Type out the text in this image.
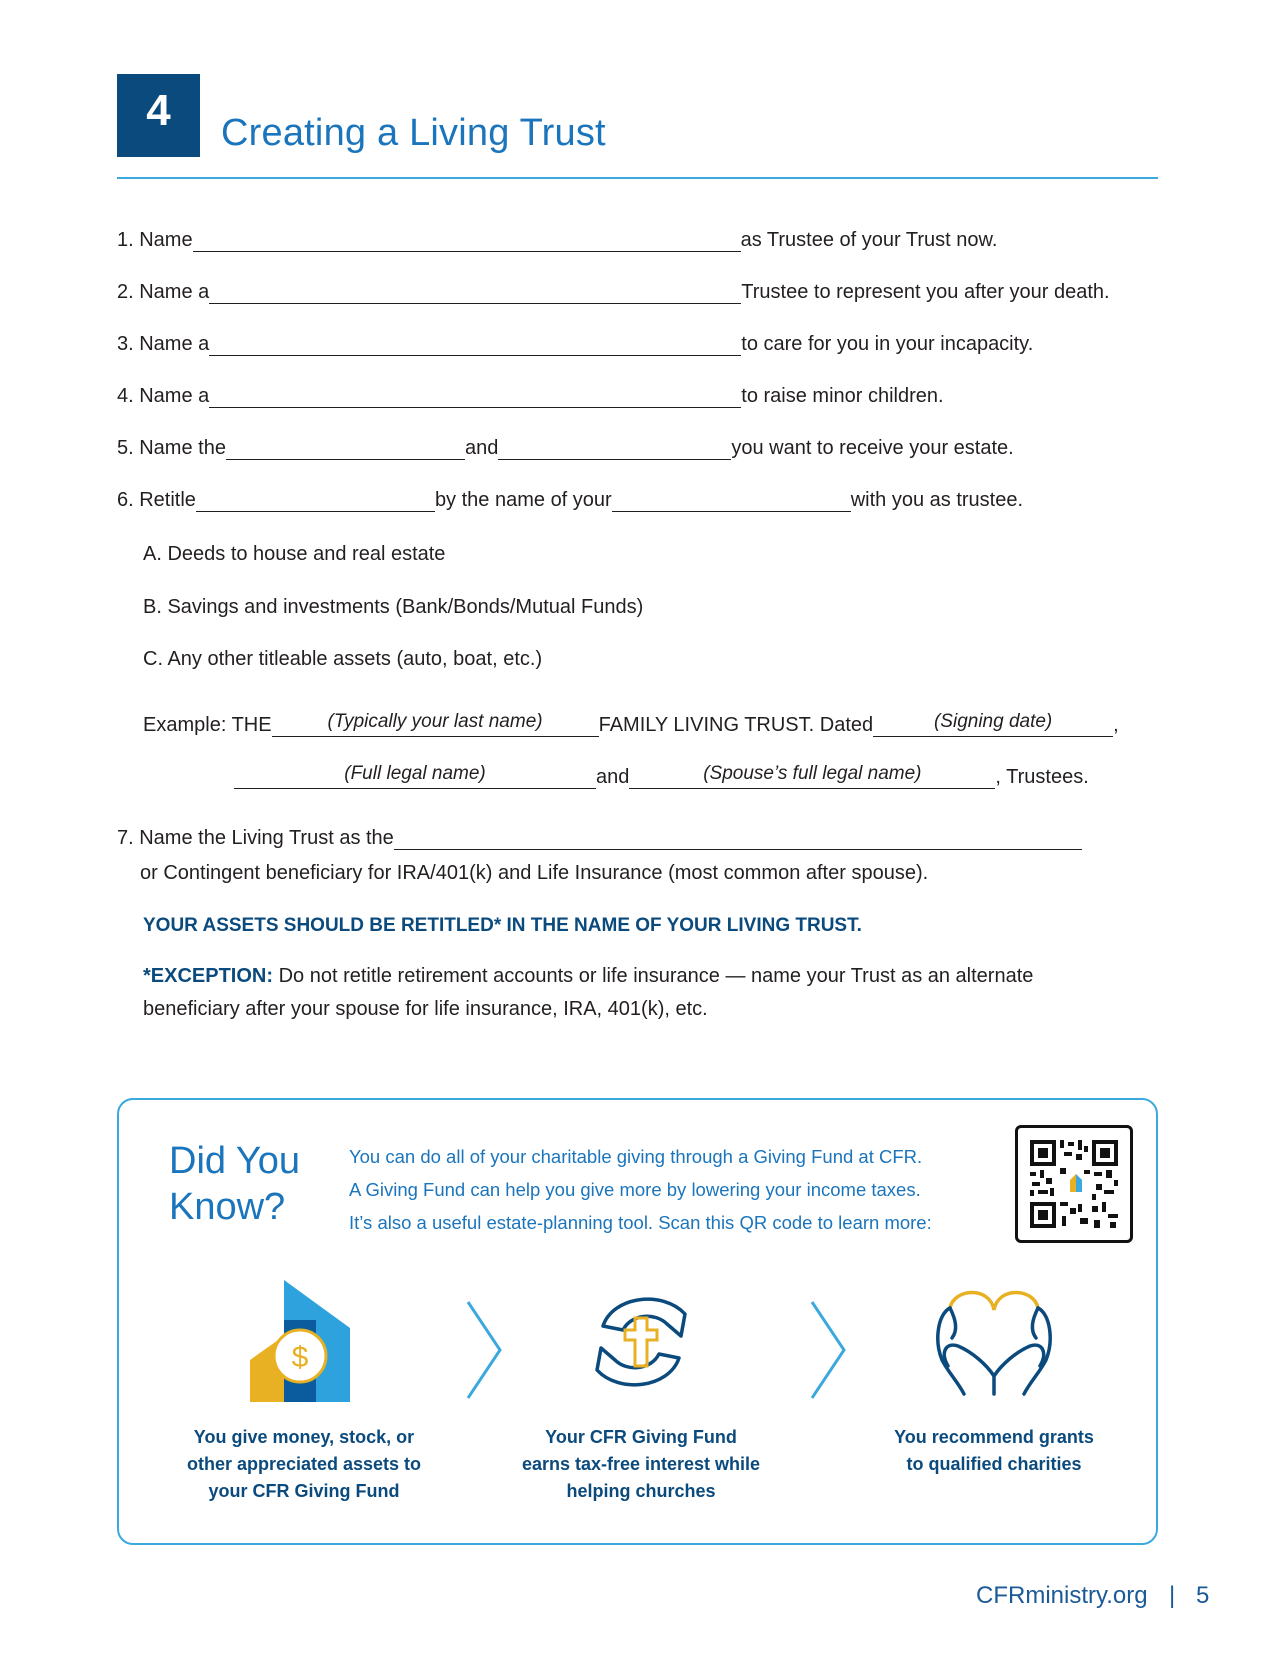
4 Creating a Living Trust
1. Name	as Trustee of your Trust now.
2. Name a	Trustee to represent you after your death.
3. Name a	to care for you in your incapacity.
4. Name a	to raise minor children.
5. Name the	and	you want to receive your estate.
6. Retitle	by the name of your	with you as trustee.
A. Deeds to house and real estate
B. Savings and investments (Bank/Bonds/Mutual Funds)
C. Any other titleable assets (auto, boat, etc.)
Example: THE	(Typically your last name)	FAMILY LIVING TRUST. Dated	(Signing date)	,
(Full legal name)	and	(Spouse’s full legal name)	, Trustees.
7. Name the Living Trust as the
or Contingent beneficiary for IRA/401(k) and Life Insurance (most common after spouse).
YOUR ASSETS SHOULD BE RETITLED* IN THE NAME OF YOUR LIVING TRUST.
*EXCEPTION: Do not retitle retirement accounts or life insurance — name your Trust as an alternate
beneficiary after your spouse for life insurance, IRA, 401(k), etc.
Did You
Know?
You can do all of your charitable giving through a Giving Fund at CFR.
A Giving Fund can help you give more by lowering your income taxes.
It’s also a useful estate-planning tool. Scan this QR code to learn more:
$
You give money, stock, or
other appreciated assets to
your CFR Giving Fund
Your CFR Giving Fund
earns tax-free interest while
helping churches
You recommend grants
to qualified charities
CFRministry.org | 5
